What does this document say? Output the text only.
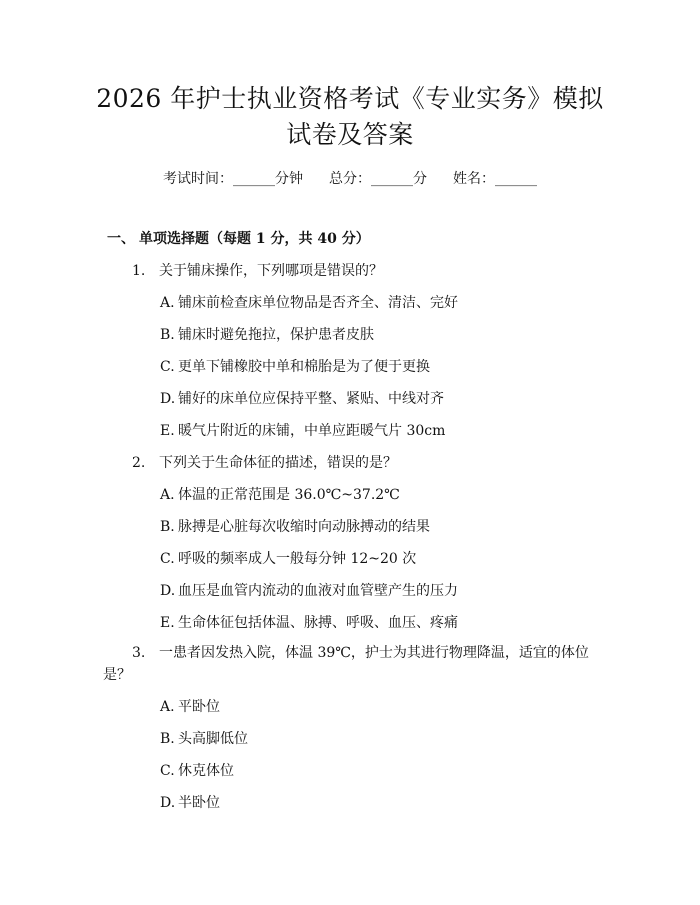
2026 年护士执业资格考试《专业实务》模拟
试卷及答案
考试时间：______分钟 总分：______分 姓名：______
一、 单项选择题（每题 1 分，共 40 分）
1. 关于铺床操作，下列哪项是错误的？
A. 铺床前检查床单位物品是否齐全、清洁、完好
B. 铺床时避免拖拉，保护患者皮肤
C. 更单下铺橡胶中单和棉胎是为了便于更换
D. 铺好的床单位应保持平整、紧贴、中线对齐
E. 暖气片附近的床铺，中单应距暖气片 30cm
2. 下列关于生命体征的描述，错误的是？
A. 体温的正常范围是 36.0℃~37.2℃
B. 脉搏是心脏每次收缩时向动脉搏动的结果
C. 呼吸的频率成人一般每分钟 12~20 次
D. 血压是血管内流动的血液对血管壁产生的压力
E. 生命体征包括体温、脉搏、呼吸、血压、疼痛
3. 一患者因发热入院，体温 39℃，护士为其进行物理降温，适宜的体位
是？
A. 平卧位
B. 头高脚低位
C. 休克体位
D. 半卧位
